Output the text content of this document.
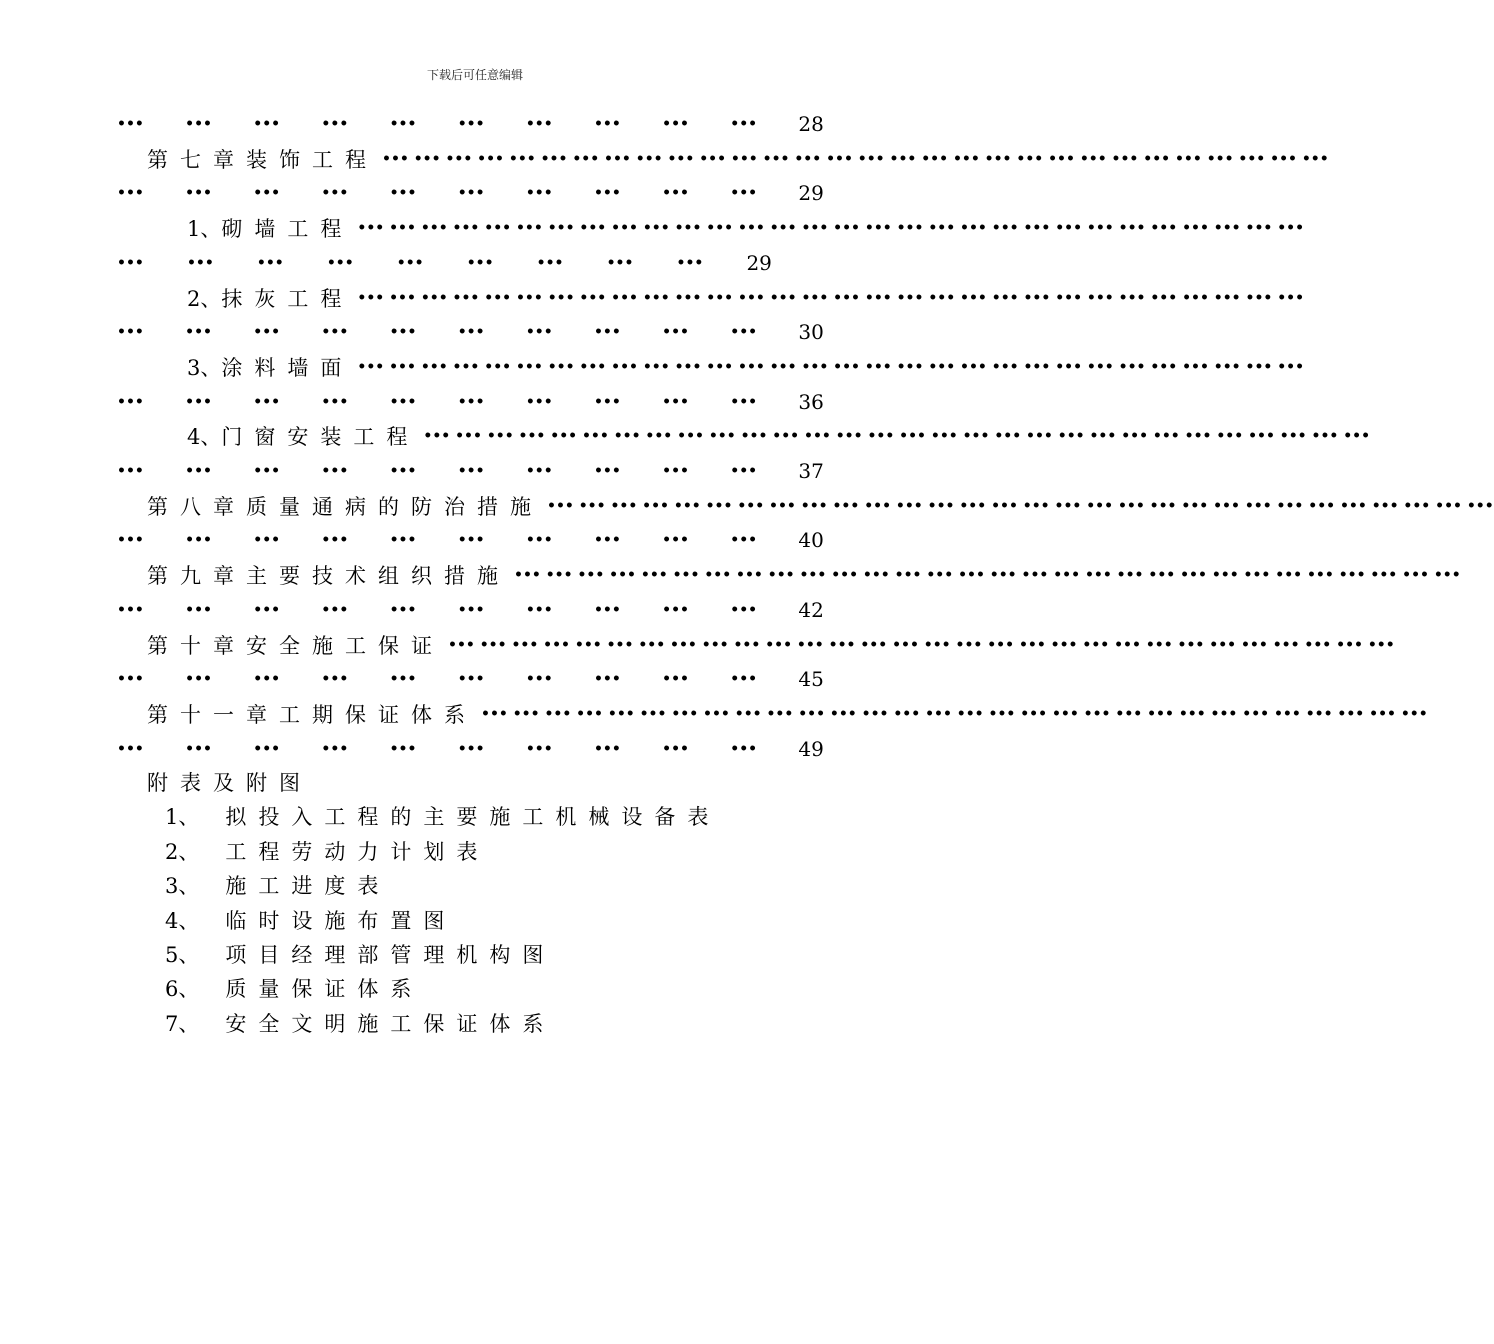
下载后可任意编辑
•••	•••	•••	•••	•••	•••	•••	•••	•••	••• 28
第七章 装饰工程 ••• ••• ••• ••• ••• ••• ••• ••• ••• ••• ••• ••• ••• ••• ••• ••• ••• ••• ••• ••• ••• ••• ••• ••• ••• ••• ••• ••• ••• •••
•••	•••	•••	•••	•••	•••	•••	•••	•••	••• 29
1、 砌墙工程 ••• ••• ••• ••• ••• ••• ••• ••• ••• ••• ••• ••• ••• ••• ••• ••• ••• ••• ••• ••• ••• ••• ••• ••• ••• ••• ••• ••• ••• •••
•••	•••	•••	•••	•••	•••	•••	•••	••• 29
2、 抹灰工程 ••• ••• ••• ••• ••• ••• ••• ••• ••• ••• ••• ••• ••• ••• ••• ••• ••• ••• ••• ••• ••• ••• ••• ••• ••• ••• ••• ••• ••• •••
•••	•••	•••	•••	•••	•••	•••	•••	•••	••• 30
3、 涂料墙面 ••• ••• ••• ••• ••• ••• ••• ••• ••• ••• ••• ••• ••• ••• ••• ••• ••• ••• ••• ••• ••• ••• ••• ••• ••• ••• ••• ••• ••• •••
•••	•••	•••	•••	•••	•••	•••	•••	•••	••• 36
4、 门窗安装工程 ••• ••• ••• ••• ••• ••• ••• ••• ••• ••• ••• ••• ••• ••• ••• ••• ••• ••• ••• ••• ••• ••• ••• ••• ••• ••• ••• ••• ••• •••
•••	•••	•••	•••	•••	•••	•••	•••	•••	••• 37
第八章 质量通病的防治措施 ••• ••• ••• ••• ••• ••• ••• ••• ••• ••• ••• ••• ••• ••• ••• ••• ••• ••• ••• ••• ••• ••• ••• ••• ••• ••• ••• ••• ••• •••
•••	•••	•••	•••	•••	•••	•••	•••	•••	••• 40
第九章 主要技术组织措施 ••• ••• ••• ••• ••• ••• ••• ••• ••• ••• ••• ••• ••• ••• ••• ••• ••• ••• ••• ••• ••• ••• ••• ••• ••• ••• ••• ••• ••• •••
•••	•••	•••	•••	•••	•••	•••	•••	•••	••• 42
第十章 安全施工保证 ••• ••• ••• ••• ••• ••• ••• ••• ••• ••• ••• ••• ••• ••• ••• ••• ••• ••• ••• ••• ••• ••• ••• ••• ••• ••• ••• ••• ••• •••
•••	•••	•••	•••	•••	•••	•••	•••	•••	••• 45
第十一章 工期保证体系 ••• ••• ••• ••• ••• ••• ••• ••• ••• ••• ••• ••• ••• ••• ••• ••• ••• ••• ••• ••• ••• ••• ••• ••• ••• ••• ••• ••• ••• •••
•••	•••	•••	•••	•••	•••	•••	•••	•••	••• 49
附表及附图
1、 拟投入工程的主要施工机械设备表
2、 工程劳动力计划表
3、 施工进度表
4、 临时设施布置图
5、 项目经理部管理机构图
6、 质量保证体系
7、 安全文明施工保证体系
